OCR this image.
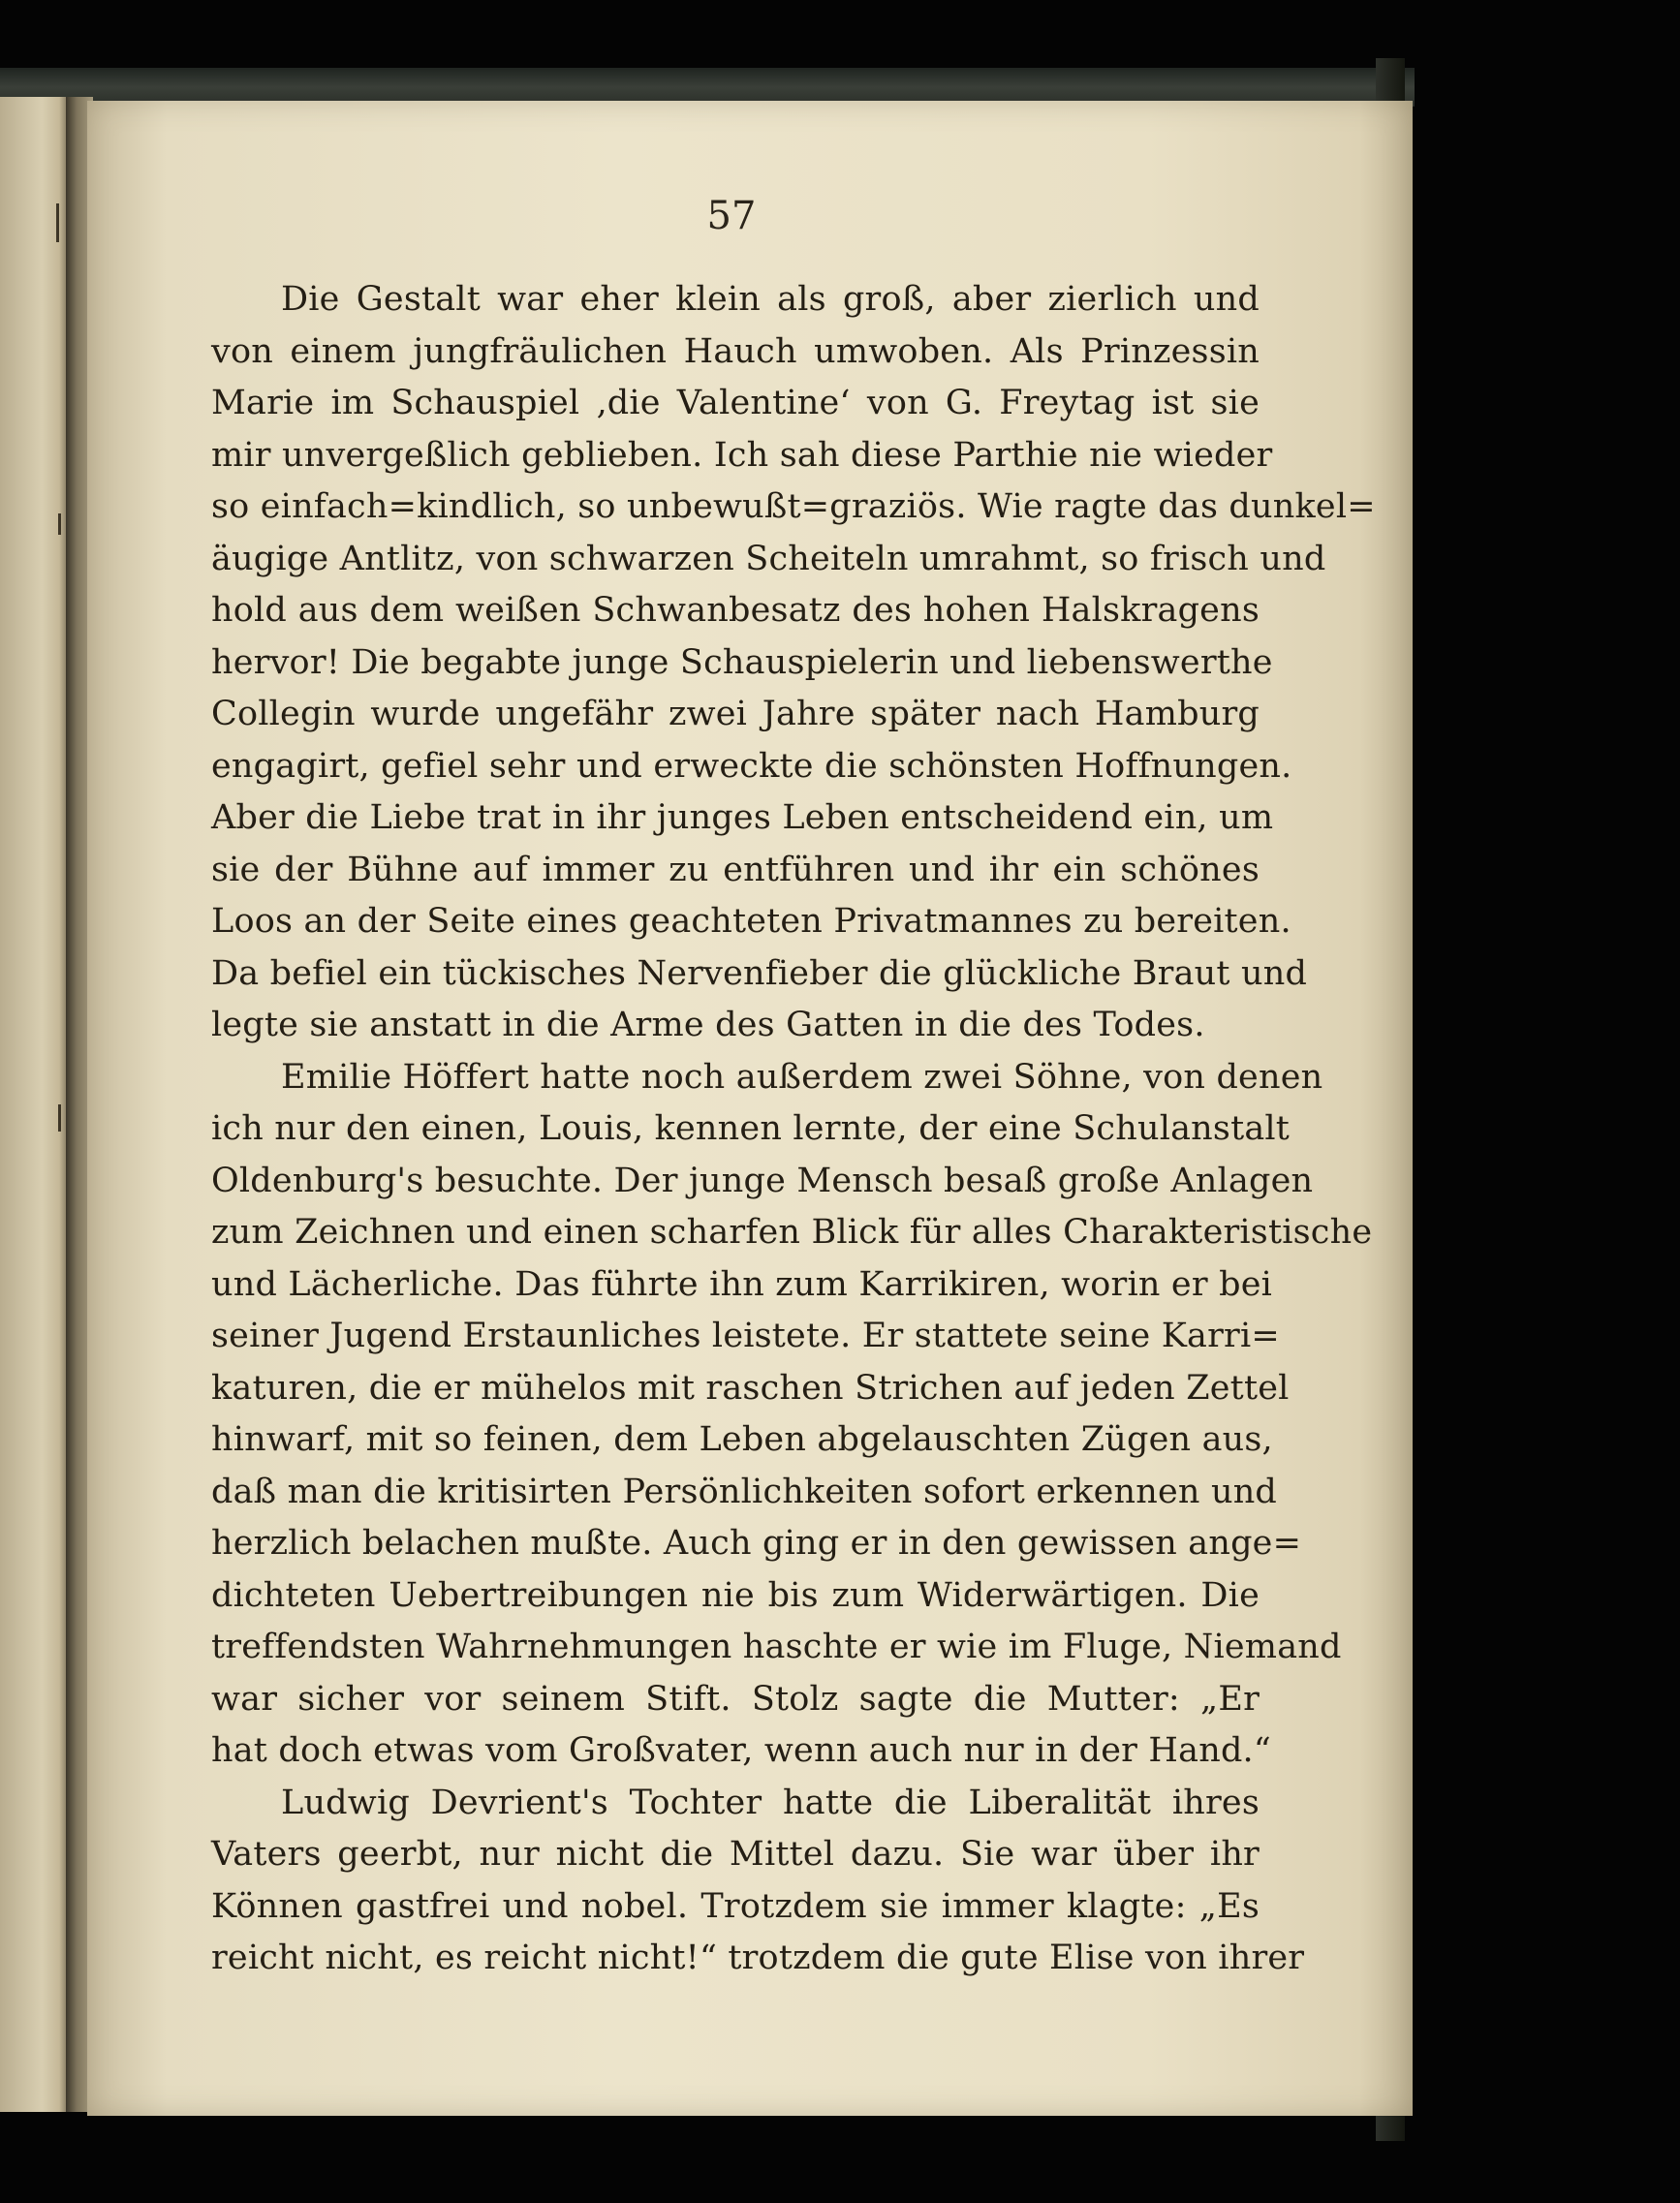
57
Die Gestalt war eher klein als groß, aber zierlich und
von einem jungfräulichen Hauch umwoben. Als Prinzessin
Marie im Schauspiel ‚die Valentine‘ von G. Freytag ist sie
mir unvergeßlich geblieben. Ich sah diese Parthie nie wieder
so einfach=kindlich, so unbewußt=graziös. Wie ragte das dunkel=
äugige Antlitz, von schwarzen Scheiteln umrahmt, so frisch und
hold aus dem weißen Schwanbesatz des hohen Halskragens
hervor! Die begabte junge Schauspielerin und liebenswerthe
Collegin wurde ungefähr zwei Jahre später nach Hamburg
engagirt, gefiel sehr und erweckte die schönsten Hoffnungen.
Aber die Liebe trat in ihr junges Leben entscheidend ein, um
sie der Bühne auf immer zu entführen und ihr ein schönes
Loos an der Seite eines geachteten Privatmannes zu bereiten.
Da befiel ein tückisches Nervenfieber die glückliche Braut und
legte sie anstatt in die Arme des Gatten in die des Todes.
Emilie Höffert hatte noch außerdem zwei Söhne, von denen
ich nur den einen, Louis, kennen lernte, der eine Schulanstalt
Oldenburg's besuchte. Der junge Mensch besaß große Anlagen
zum Zeichnen und einen scharfen Blick für alles Charakteristische
und Lächerliche. Das führte ihn zum Karrikiren, worin er bei
seiner Jugend Erstaunliches leistete. Er stattete seine Karri=
katuren, die er mühelos mit raschen Strichen auf jeden Zettel
hinwarf, mit so feinen, dem Leben abgelauschten Zügen aus,
daß man die kritisirten Persönlichkeiten sofort erkennen und
herzlich belachen mußte. Auch ging er in den gewissen ange=
dichteten Uebertreibungen nie bis zum Widerwärtigen. Die
treffendsten Wahrnehmungen haschte er wie im Fluge, Niemand
war sicher vor seinem Stift. Stolz sagte die Mutter: „Er
hat doch etwas vom Großvater, wenn auch nur in der Hand.“
Ludwig Devrient's Tochter hatte die Liberalität ihres
Vaters geerbt, nur nicht die Mittel dazu. Sie war über ihr
Können gastfrei und nobel. Trotzdem sie immer klagte: „Es
reicht nicht, es reicht nicht!“ trotzdem die gute Elise von ihrer
